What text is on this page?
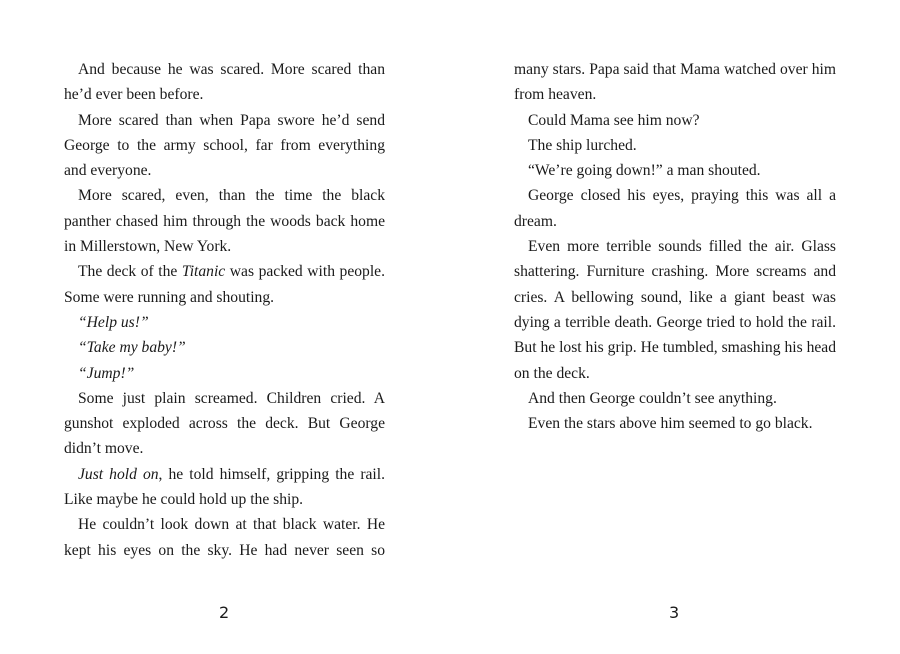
And because he was scared. More scared than he’d ever been before.

More scared than when Papa swore he’d send George to the army school, far from everything and everyone.

More scared, even, than the time the black panther chased him through the woods back home in Millerstown, New York.

The deck of the Titanic was packed with people. Some were running and shouting.

“Help us!”

“Take my baby!”

“Jump!”

Some just plain screamed. Children cried. A gunshot exploded across the deck. But George didn’t move.

Just hold on, he told himself, gripping the rail. Like maybe he could hold up the ship.

He couldn’t look down at that black water. He kept his eyes on the sky. He had never seen so

many stars. Papa said that Mama watched over him from heaven.

Could Mama see him now?

The ship lurched.

“We’re going down!” a man shouted.

George closed his eyes, praying this was all a dream.

Even more terrible sounds filled the air. Glass shattering. Furniture crashing. More screams and cries. A bellowing sound, like a giant beast was dying a terrible death. George tried to hold the rail. But he lost his grip. He tumbled, smashing his head on the deck.

And then George couldn’t see anything.

Even the stars above him seemed to go black.

2	3
